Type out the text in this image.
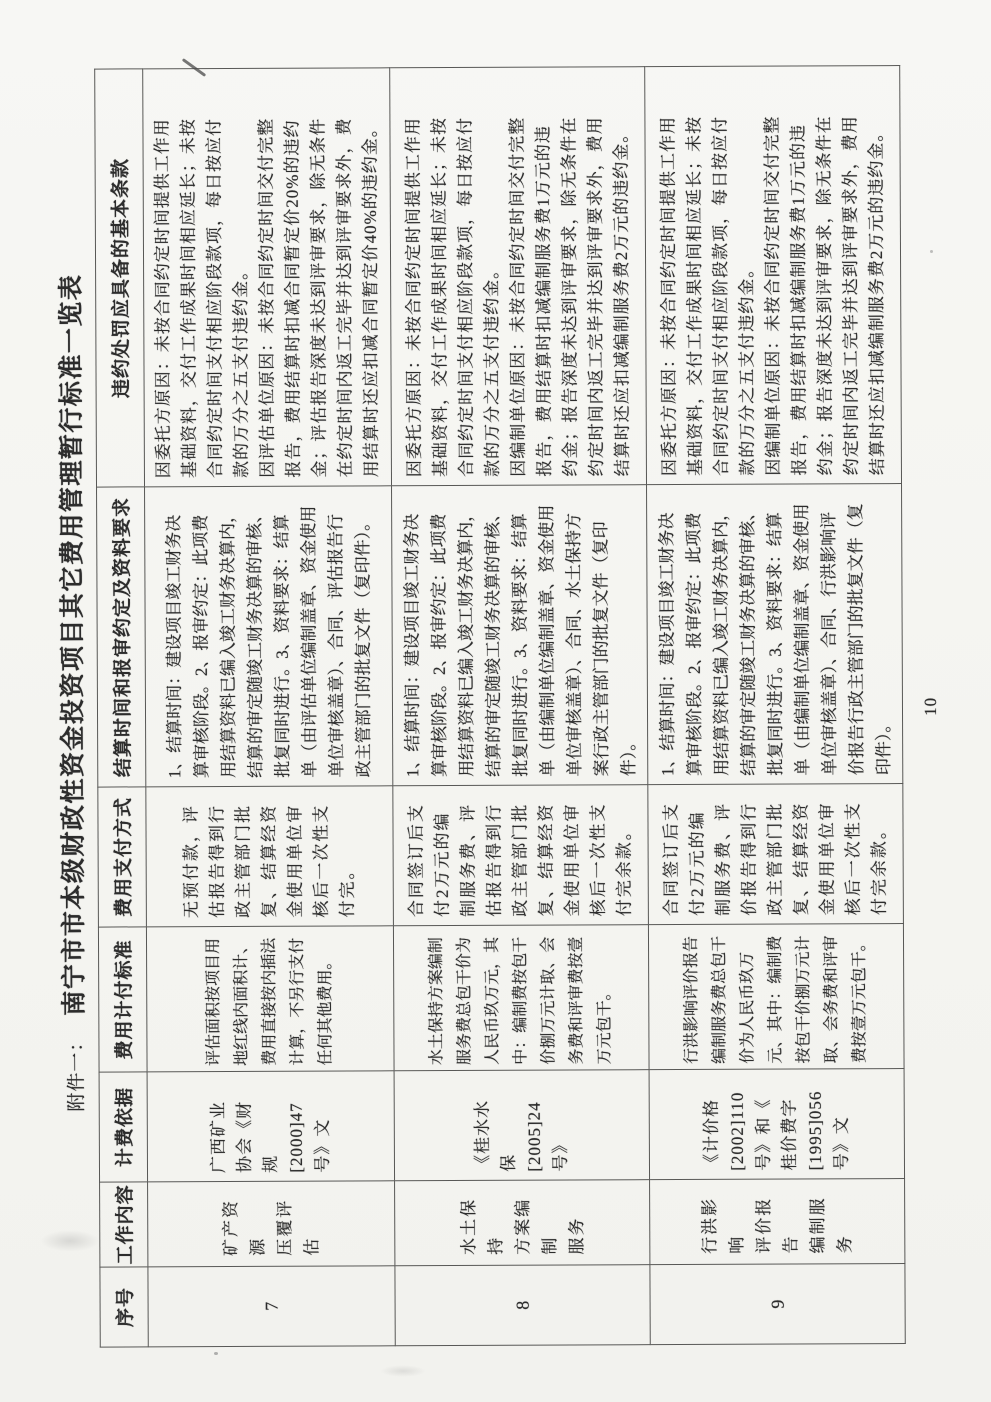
附件一：南宁市市本级财政性资金投资项目其它费用管理暂行标准一览表
序号	工作内容	计费依据	费用计付标准	费用支付方式	结算时间和报审约定及资料要求	违约处罚应具备的基本条款
7	矿产资源
压覆评估	广西矿业
协会《财
规
[2000]47
号》文	评估面积按项目用
地红线内面积计、
费用直接按内插法
计算，不另行支付
任何其他费用。	无预付款，评
估报告得到行
政主管部门批
复、结算经资
金使用单位审
核后一次性支
付完。	1、结算时间：建设项目竣工财务决
算审核阶段。2、报审约定：此项费
用结算资料已编入竣工财务决算内，
结算的审定随竣工财务决算的审核、
批复同时进行。3、资料要求：结算
单（由评估单位编制盖章、资金使用
单位审核盖章）、合同、评估报告行
政主管部门的批复文件（复印件）。	因委托方原因：未按合同约定时间提供工作用
基础资料，交付工作成果时间相应延长；未按
合同约定时间支付相应阶段款项，每日按应付
款的万分之五支付违约金。
因评估单位原因：未按合同约定时间交付完整
报告，费用结算时扣减合同暂定价20%的违约
金；评估报告深度未达到评审要求，除无条件
在约定时间内返工完毕并达到评审要求外，费
用结算时还应扣减合同暂定价40%的违约金。
8	水土保持
方案编制
服务	《桂水水
保
[2005]24
号》	水土保持方案编制
服务费总包干价为
人民币玖万元，其
中：编制费按包干
价捌万元计取、会
务费和评审费按壹
万元包干。	合同签订后支
付2万元的编
制服务费、评
估报告得到行
政主管部门批
复、结算经资
金使用单位审
核后一次性支
付完余款。	1、结算时间：建设项目竣工财务决
算审核阶段。2、报审约定：此项费
用结算资料已编入竣工财务决算内，
结算的审定随竣工财务决算的审核、
批复同时进行。3、资料要求：结算
单（由编制单位编制盖章、资金使用
单位审核盖章）、合同、水土保持方
案行政主管部门的批复文件（复印
件）。	因委托方原因：未按合同约定时间提供工作用
基础资料，交付工作成果时间相应延长；未按
合同约定时间支付相应阶段款项，每日按应付
款的万分之五支付违约金。
因编制单位原因：未按合同约定时间交付完整
报告，费用结算时扣减编制服务费1万元的违
约金；报告深度未达到评审要求，除无条件在
约定时间内返工完毕并达到评审要求外，费用
结算时还应扣减编制服务费2万元的违约金。
9	行洪影响
评价报告
编制服务	《计价格
[2002]110
号》和《
桂价费字
[1995]056
号》文	行洪影响评价报告
编制服务费总包干
价为人民币玖万
元、其中：编制费
按包干价捌万元计
取、会务费和评审
费按壹万元包干。	合同签订后支
付2万元的编
制服务费、评
价报告得到行
政主管部门批
复、结算经资
金使用单位审
核后一次性支
付完余款。	1、结算时间：建设项目竣工财务决
算审核阶段。2、报审约定：此项费
用结算资料已编入竣工财务决算内，
结算的审定随竣工财务决算的审核、
批复同时进行。3、资料要求：结算
单（由编制单位编制盖章、资金使用
单位审核盖章）、合同、行洪影响评
价报告行政主管部门的批复文件（复
印件）。	因委托方原因：未按合同约定时间提供工作用
基础资料，交付工作成果时间相应延长；未按
合同约定时间支付相应阶段款项，每日按应付
款的万分之五支付违约金。
因编制单位原因：未按合同约定时间交付完整
报告，费用结算时扣减编制服务费1万元的违
约金；报告深度未达到评审要求，除无条件在
约定时间内返工完毕并达到评审要求外，费用
结算时还应扣减编制服务费2万元的违约金。
10
